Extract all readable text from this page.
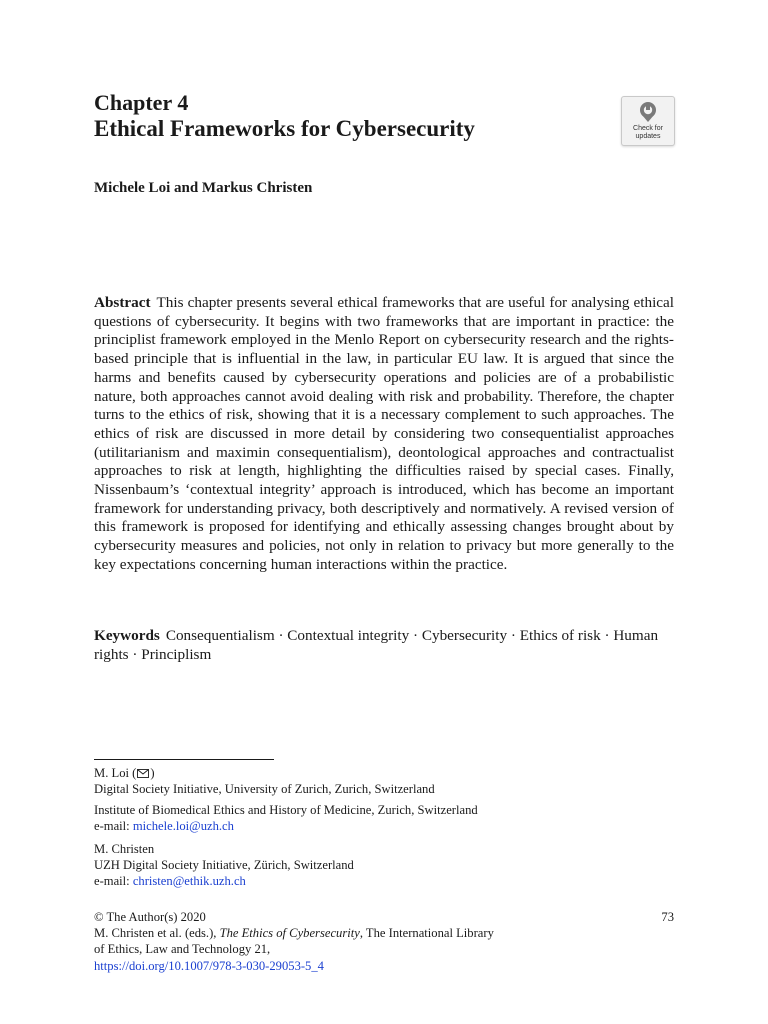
Chapter 4
Ethical Frameworks for Cybersecurity	Check for
updates
Michele Loi and Markus Christen
Abstract This chapter presents several ethical frameworks that are useful for analysing ethical questions of cybersecurity. It begins with two frameworks that are important in practice: the principlist framework employed in the Menlo Report on cybersecurity research and the rights-based principle that is influential in the law, in particular EU law. It is argued that since the harms and benefits caused by cybersecurity operations and policies are of a probabilistic nature, both approaches cannot avoid dealing with risk and probability. Therefore, the chapter turns to the ethics of risk, showing that it is a necessary complement to such approaches. The ethics of risk are discussed in more detail by considering two consequentialist approaches (utilitarianism and maximin consequentialism), deontological approaches and contractualist approaches to risk at length, highlighting the difficulties raised by special cases. Finally, Nissenbaum’s ‘contextual integrity’ approach is introduced, which has become an important framework for understanding privacy, both descriptively and normatively. A revised version of this framework is proposed for identifying and ethically assessing changes brought about by cybersecurity measures and policies, not only in relation to privacy but more generally to the key expectations concerning human interactions within the practice.
Keywords Consequentialism · Contextual integrity · Cybersecurity · Ethics of risk · Human rights · Principlism

M. Loi ( )

Digital Society Initiative, University of Zurich, Zurich, Switzerland

Institute of Biomedical Ethics and History of Medicine, Zurich, Switzerland

e-mail: michele.loi@uzh.ch

M. Christen

UZH Digital Society Initiative, Zürich, Switzerland

e-mail: christen@ethik.uzh.ch

73

© The Author(s) 2020

M. Christen et al. (eds.), The Ethics of Cybersecurity, The International Library

of Ethics, Law and Technology 21,

https://doi.org/10.1007/978-3-030-29053-5_4
